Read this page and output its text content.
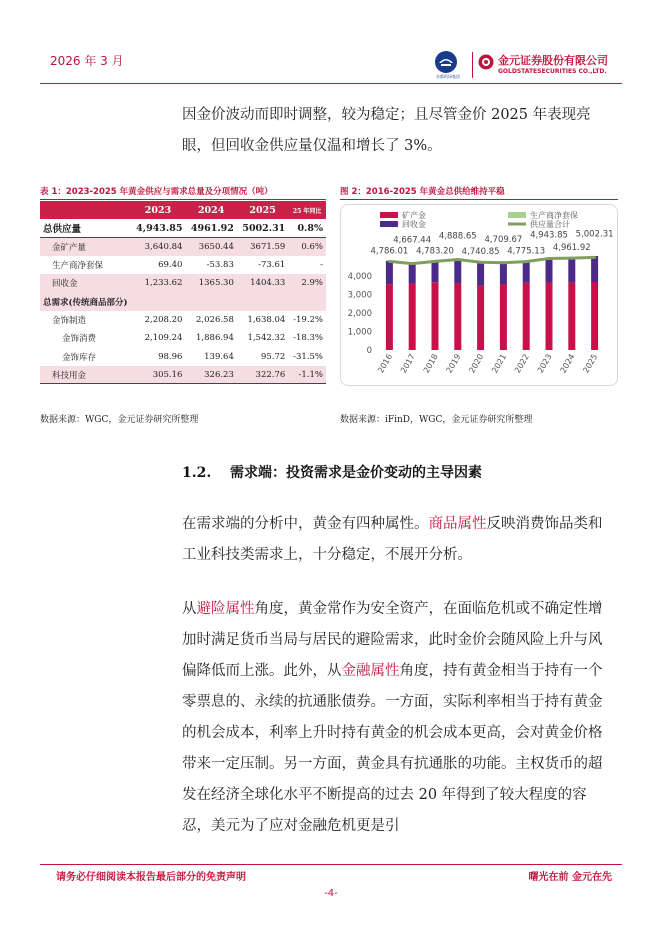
2026 年 3 月
首都机场集团
金元证券股份有限公司
GOLDSTATESECURITIES CO.,LTD.
因金价波动而即时调整，较为稳定；且尽管金价 2025 年表现亮眼，但回收金供应量仅温和增长了 3%。
表 1：2023-2025 年黄金供应与需求总量及分项情况（吨）	图 2：2016-2025 年黄金总供给维持平稳
	2023	2024	2025	25 年同比
总供应量	4,943.85	4961.92	5002.31	0.8%
金矿产量	3,640.84	3650.44	3671.59	0.6%
生产商净套保	69.40	-53.83	-73.61	-
回收金	1,233.62	1365.30	1404.33	2.9%
总需求(传统商品部分)				
金饰制造	2,208.20	2,026.58	1,638.04	-19.2%
金饰消费	2,109.24	1,886.94	1,542.32	-18.3%
金饰库存	98.96	139.64	95.72	-31.5%
科技用金	305.16	326.23	322.76	-1.1%
0
1,000
2,000
3,000
4,000
2016 2017 2018 2019 2020 2021 2022 2023 2024 2025
4,786.01
4,667.44
4,783.20
4,888.65
4,740.85
4,709.67
4,775.13
4,943.85
4,961.92
5,002.31
矿产金	生产商净套保
回收金	供应量合计
数据来源：WGC，金元证券研究所整理	数据来源：iFinD，WGC，金元证券研究所整理
1.2. 需求端：投资需求是金价变动的主导因素
在需求端的分析中，黄金有四种属性。商品属性反映消费饰品类和工业科技类需求上，十分稳定，不展开分析。
从避险属性角度，黄金常作为安全资产，在面临危机或不确定性增加时满足货币当局与居民的避险需求，此时金价会随风险上升与风偏降低而上涨。此外，从金融属性角度，持有黄金相当于持有一个零票息的、永续的抗通胀债券。一方面，实际利率相当于持有黄金的机会成本，利率上升时持有黄金的机会成本更高，会对黄金价格带来一定压制。另一方面，黄金具有抗通胀的功能。主权货币的超发在经济全球化水平不断提高的过去 20 年得到了较大程度的容忍，美元为了应对金融危机更是引
请务必仔细阅读本报告最后部分的免责声明	曙光在前 金元在先
-4-
